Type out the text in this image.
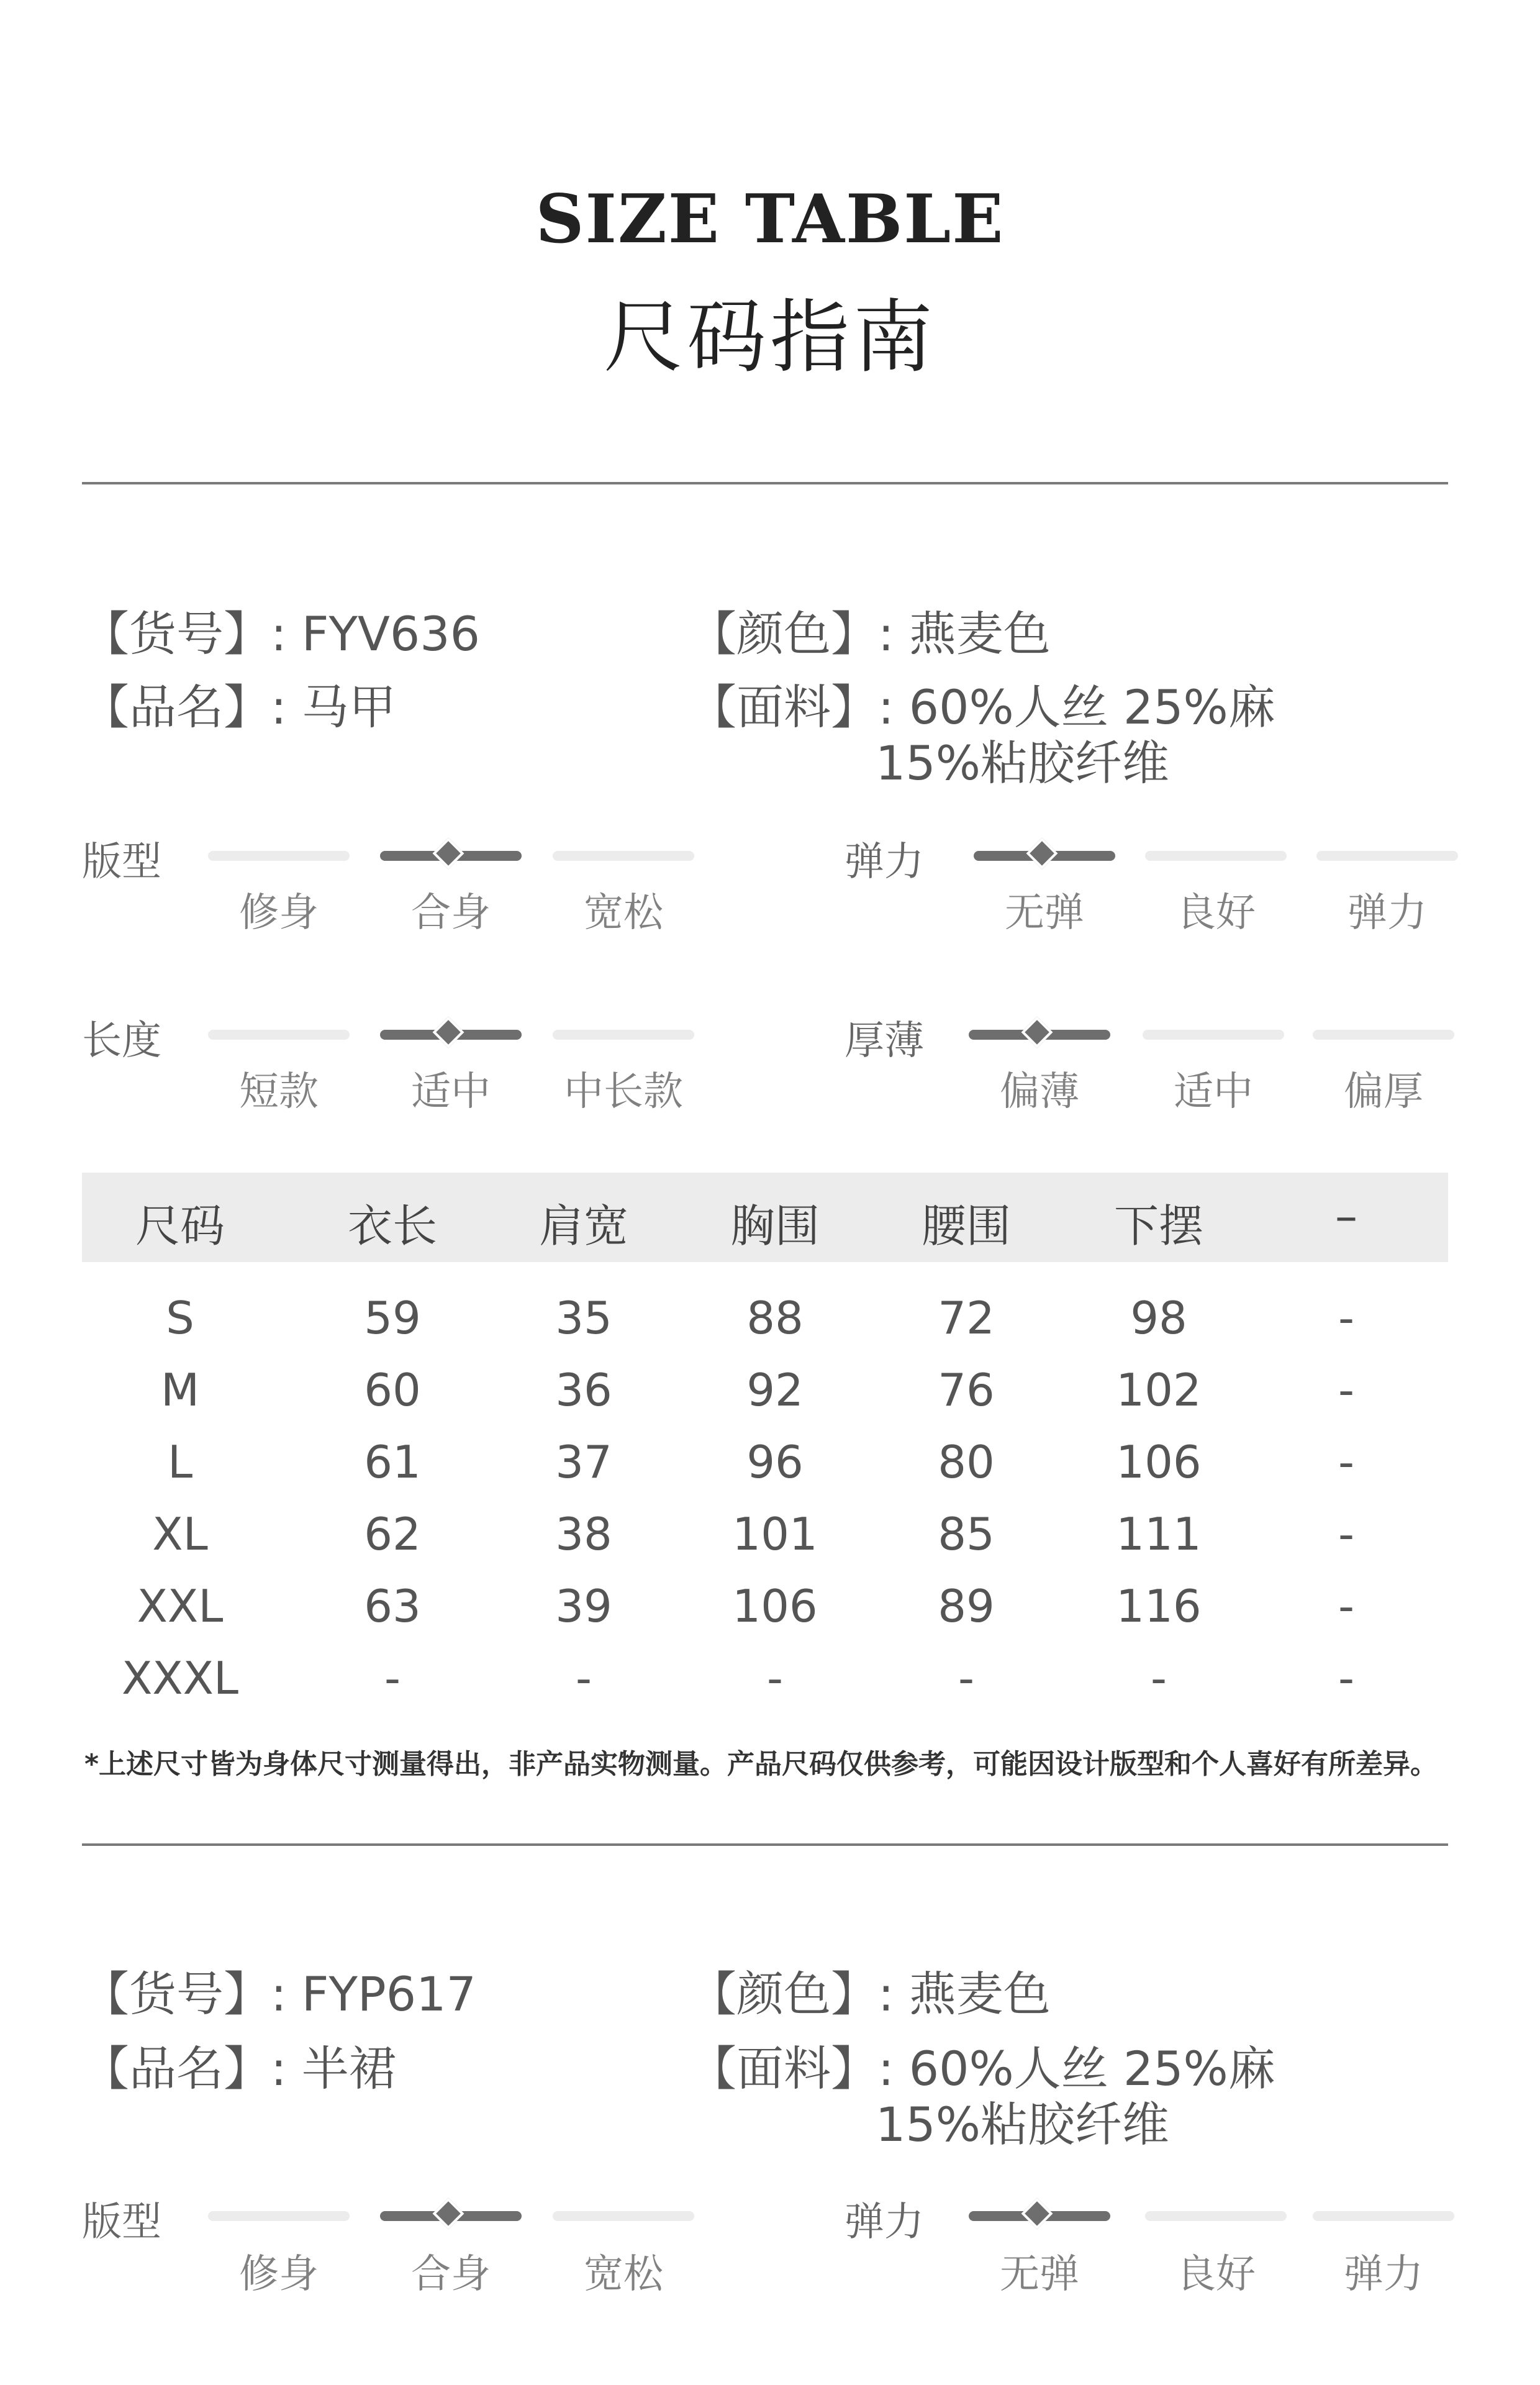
SIZE TABLE
尺码指南
【货号】: FYV636
【品名】: 马甲
【颜色】: 燕麦色
【面料】: 60%人丝 25%麻
15%粘胶纤维
版型
修身	合身	宽松
弹力
无弹	良好	弹力
长度
短款	适中	中长款
厚薄
偏薄	适中	偏厚
尺码	衣长	肩宽	胸围	腰围	下摆	–
S	59	35	88	72	98	-
M	60	36	92	76	102	-
L	61	37	96	80	106	-
XL	62	38	101	85	111	-
XXL	63	39	106	89	116	-
XXXL	-	-	-	-	-	-
*上述尺寸皆为身体尺寸测量得出，非产品实物测量。产品尺码仅供参考，可能因设计版型和个人喜好有所差异。
【货号】: FYP617
【品名】: 半裙
【颜色】: 燕麦色
【面料】: 60%人丝 25%麻
15%粘胶纤维
版型
修身	合身	宽松
弹力
无弹	良好	弹力
